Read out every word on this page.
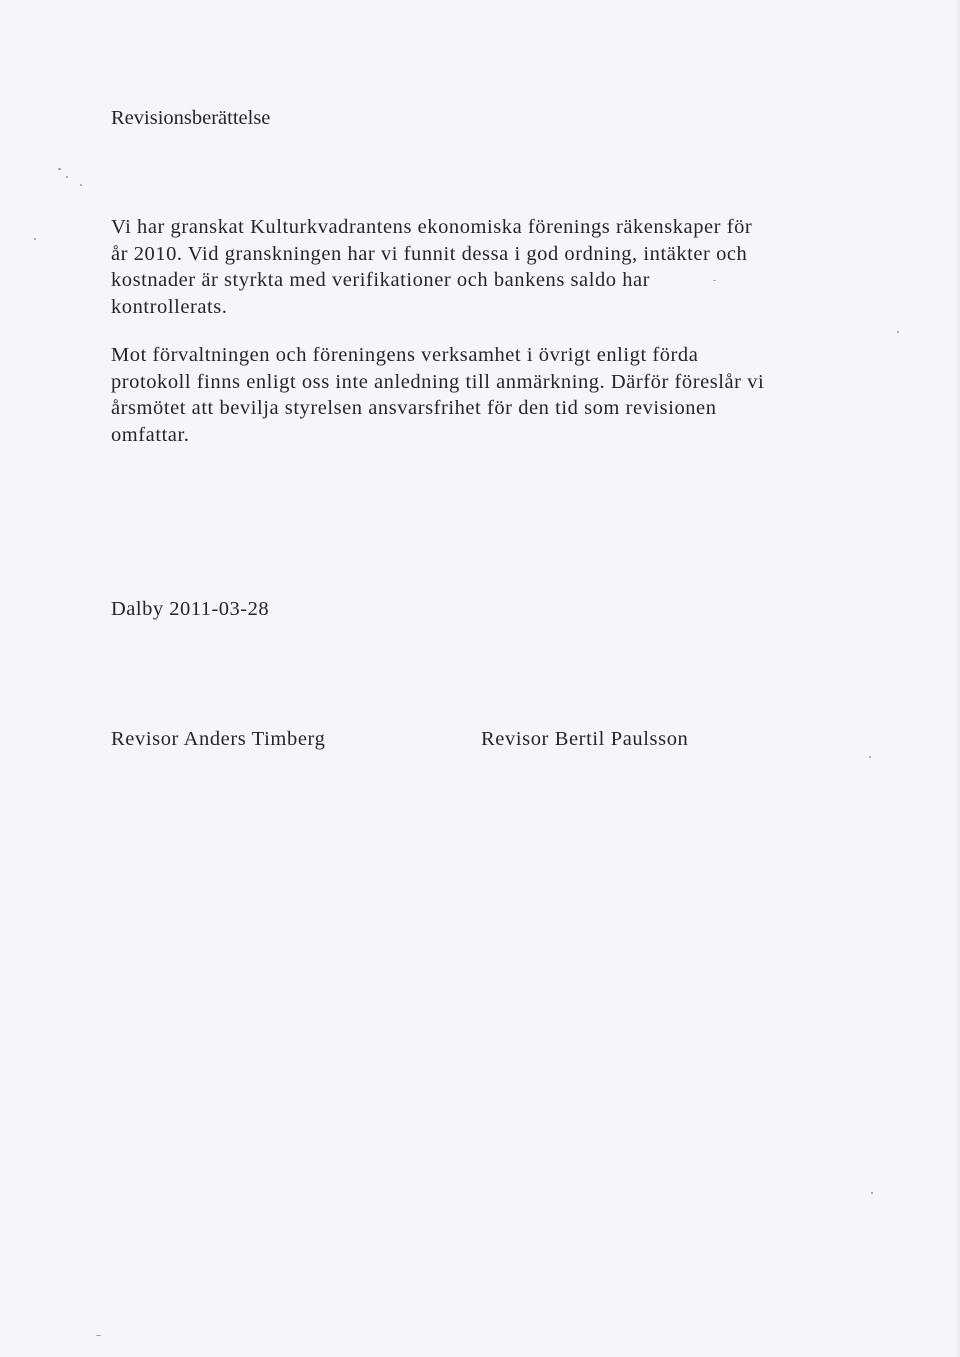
Revisionsberättelse

Vi har granskat Kulturkvadrantens ekonomiska förenings räkenskaper för
år 2010. Vid granskningen har vi funnit dessa i god ordning, intäkter och
kostnader är styrkta med verifikationer och bankens saldo har
kontrollerats.

Mot förvaltningen och föreningens verksamhet i övrigt enligt förda
protokoll finns enligt oss inte anledning till anmärkning. Därför föreslår vi
årsmötet att bevilja styrelsen ansvarsfrihet för den tid som revisionen
omfattar.

Dalby 2011-03-28

Revisor Anders Timberg	Revisor Bertil Paulsson
